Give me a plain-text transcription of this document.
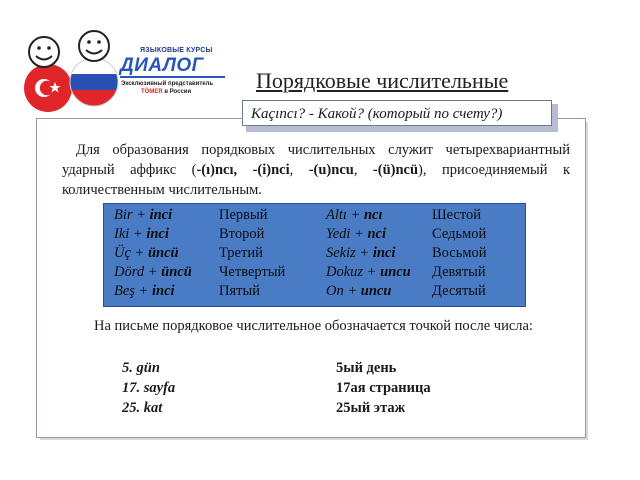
ЯЗЫКОВЫЕ КУРСЫ
ДИАЛОГ
Эксклюзивный представитель
TÖMER в России	Порядковые числительные
Kaçıncı? - Какой? (который по счету?)
Для образования порядковых числительных служит четырехвариантный ударный аффикс (-(ı)ncı, -(i)nci, -(u)ncu, -(ü)ncü), присоединяемый к количественным числительным.
Bir + inci	Первый	Altı + ncı	Шестой
Iki + inci	Второй	Yedi + nci	Седьмой
Üç + üncü	Третий	Sekiz + inci	Восьмой
Dörd + üncü Четвертый	Dokuz + uncu Девятый
Beş + inci	Пятый	On + uncu	Десятый
На письме порядковое числительное обозначается точкой после числа:
5. gün	5ый день
17. sayfa	17ая страница
25. kat	25ый этаж
